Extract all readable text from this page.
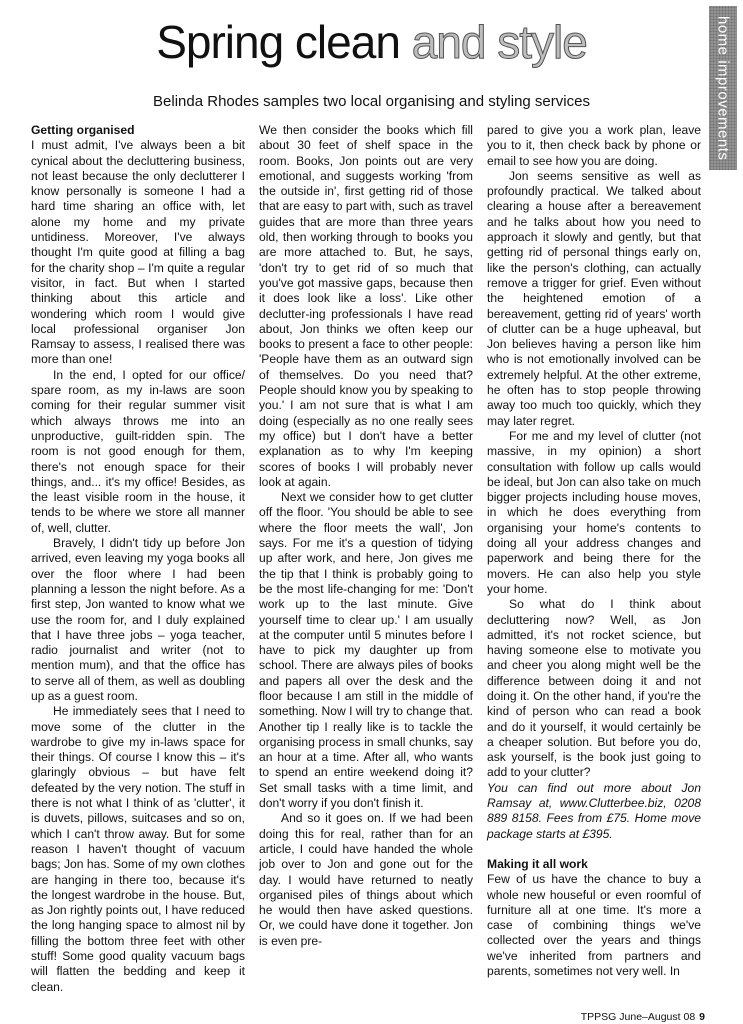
Spring clean and style

Belinda Rhodes samples two local organising and styling services	home improvements
Getting organised

I must admit, I've always been a bit cynical about the decluttering business, not least because the only declutterer I know personally is someone I had a hard time sharing an office with, let alone my home and my private untidiness. Moreover, I've always thought I'm quite good at filling a bag for the charity shop – I'm quite a regular visitor, in fact. But when I started thinking about this article and wondering which room I would give local professional organiser Jon Ramsay to assess, I realised there was more than one!

In the end, I opted for our office/ spare room, as my in-laws are soon coming for their regular summer visit which always throws me into an unproductive, guilt-ridden spin. The room is not good enough for them, there's not enough space for their things, and... it's my office! Besides, as the least visible room in the house, it tends to be where we store all manner of, well, clutter.

Bravely, I didn't tidy up before Jon arrived, even leaving my yoga books all over the floor where I had been planning a lesson the night before. As a first step, Jon wanted to know what we use the room for, and I duly explained that I have three jobs – yoga teacher, radio journalist and writer (not to mention mum), and that the office has to serve all of them, as well as doubling up as a guest room.

He immediately sees that I need to move some of the clutter in the wardrobe to give my in-laws space for their things. Of course I know this – it's glaringly obvious – but have felt defeated by the very notion. The stuff in there is not what I think of as 'clutter', it is duvets, pillows, suitcases and so on, which I can't throw away. But for some reason I haven't thought of vacuum bags; Jon has. Some of my own clothes are hanging in there too, because it's the longest wardrobe in the house. But, as Jon rightly points out, I have reduced the long hanging space to almost nil by filling the bottom three feet with other stuff! Some good quality vacuum bags will flatten the bedding and keep it clean.

We then consider the books which fill about 30 feet of shelf space in the room. Books, Jon points out are very emotional, and suggests working 'from the outside in', first getting rid of those that are easy to part with, such as travel guides that are more than three years old, then working through to books you are more attached to. But, he says, 'don't try to get rid of so much that you've got massive gaps, because then it does look like a loss'. Like other declutter-ing professionals I have read about, Jon thinks we often keep our books to present a face to other people: 'People have them as an outward sign of themselves. Do you need that? People should know you by speaking to you.' I am not sure that is what I am doing (especially as no one really sees my office) but I don't have a better explanation as to why I'm keeping scores of books I will probably never look at again.

Next we consider how to get clutter off the floor. 'You should be able to see where the floor meets the wall', Jon says. For me it's a question of tidying up after work, and here, Jon gives me the tip that I think is probably going to be the most life-changing for me: 'Don't work up to the last minute. Give yourself time to clear up.' I am usually at the computer until 5 minutes before I have to pick my daughter up from school. There are always piles of books and papers all over the desk and the floor because I am still in the middle of something. Now I will try to change that. Another tip I really like is to tackle the organising process in small chunks, say an hour at a time. After all, who wants to spend an entire weekend doing it? Set small tasks with a time limit, and don't worry if you don't finish it.

And so it goes on. If we had been doing this for real, rather than for an article, I could have handed the whole job over to Jon and gone out for the day. I would have returned to neatly organised piles of things about which he would then have asked questions. Or, we could have done it together. Jon is even pre-

pared to give you a work plan, leave you to it, then check back by phone or email to see how you are doing.

Jon seems sensitive as well as profoundly practical. We talked about clearing a house after a bereavement and he talks about how you need to approach it slowly and gently, but that getting rid of personal things early on, like the person's clothing, can actually remove a trigger for grief. Even without the heightened emotion of a bereavement, getting rid of years' worth of clutter can be a huge upheaval, but Jon believes having a person like him who is not emotionally involved can be extremely helpful. At the other extreme, he often has to stop people throwing away too much too quickly, which they may later regret.

For me and my level of clutter (not massive, in my opinion) a short consultation with follow up calls would be ideal, but Jon can also take on much bigger projects including house moves, in which he does everything from organising your home's contents to doing all your address changes and paperwork and being there for the movers. He can also help you style your home.

So what do I think about decluttering now? Well, as Jon admitted, it's not rocket science, but having someone else to motivate you and cheer you along might well be the difference between doing it and not doing it. On the other hand, if you're the kind of person who can read a book and do it yourself, it would certainly be a cheaper solution. But before you do, ask yourself, is the book just going to add to your clutter?

You can find out more about Jon Ramsay at, www.Clutterbee.biz, 0208 889 8158. Fees from £75. Home move package starts at £395.

Making it all work

Few of us have the chance to buy a whole new houseful or even roomful of furniture all at one time. It's more a case of combining things we've collected over the years and things we've inherited from partners and parents, sometimes not very well. In

TPPSG June–August 08 9
